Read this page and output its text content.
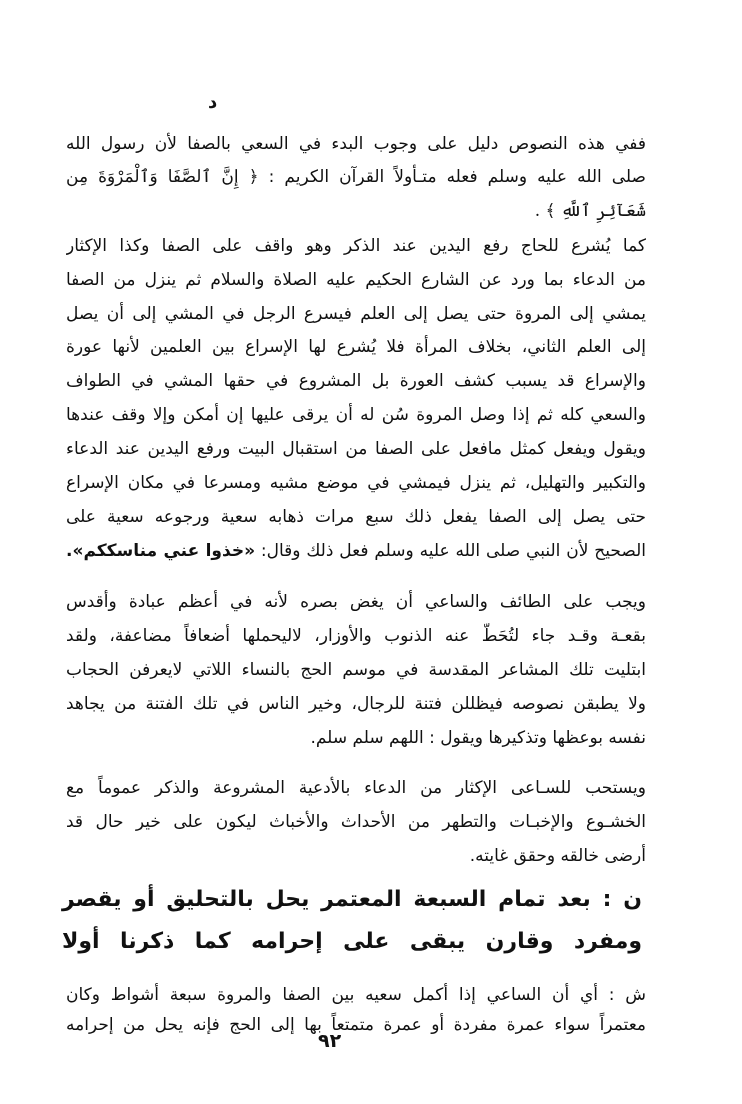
د
ففي هذه النصوص دليل على وجوب البدء في السعي بالصفا لأن رسول الله
صلى الله عليه وسلم فعله متـأولاً القرآن الكريم : ﴿ إِنَّ ٱلصَّفَا وَٱلْمَرْوَةَ مِن
شَعَآئِرِ ٱللَّهِ ﴾ .
كما يُشرع للحاج رفع اليدين عند الذكر وهو واقف على الصفا وكذا الإكثار
من الدعاء بما ورد عن الشارع الحكيم عليه الصلاة والسلام ثم ينزل من الصفا
يمشي إلى المروة حتى يصل إلى العلم فيسرع الرجل في المشي إلى أن يصل
إلى العلم الثاني، بخلاف المرأة فلا يُشرع لها الإسراع بين العلمين لأنها عورة
والإسراع قد يسبب كشف العورة بل المشروع في حقها المشي في الطواف
والسعي كله ثم إذا وصل المروة سُن له أن يرقى عليها إن أمكن وإلا وقف عندها
ويقول ويفعل كمثل مافعل على الصفا من استقبال البيت ورفع اليدين عند الدعاء
والتكبير والتهليل، ثم ينزل فيمشي في موضع مشيه ومسرعا في مكان الإسراع
حتى يصل إلى الصفا يفعل ذلك سبع مرات ذهابه سعية ورجوعه سعية على
الصحيح لأن النبي صلى الله عليه وسلم فعل ذلك وقال: «خذوا عني مناسككم».
ويجب على الطائف والساعي أن يغض بصره لأنه في أعظم عبادة وأقدس
بقعـة وقـد جاء لتُحَطّ عنه الذنوب والأوزار، لاليحملها أضعافاً مضاعفة، ولقد
ابتليت تلك المشاعر المقدسة في موسم الحج بالنساء اللاتي لايعرفن الحجاب
ولا يطبقن نصوصه فيظللن فتنة للرجال، وخير الناس في تلك الفتنة من يجاهد
نفسه بوعظها وتذكيرها ويقول : اللهم سلم سلم.
ويستحب للسـاعى الإكثار من الدعاء بالأدعية المشروعة والذكر عموماً مع
الخشـوع والإخبـات والتطهر من الأحداث والأخباث ليكون على خير حال قد
أرضى خالقه وحقق غايته.
ن : بعد تمام السبعة المعتمر يحل بالتحليق أو يقصر
ومفرد وقارن يبقى على إحرامه كما ذكرنا أولا
ش : أي أن الساعي إذا أكمل سعيه بين الصفا والمروة سبعة أشواط وكان
معتمراً سواء عمرة مفردة أو عمرة متمتعاً بها إلى الحج فإنه يحل من إحرامه
٩٢
